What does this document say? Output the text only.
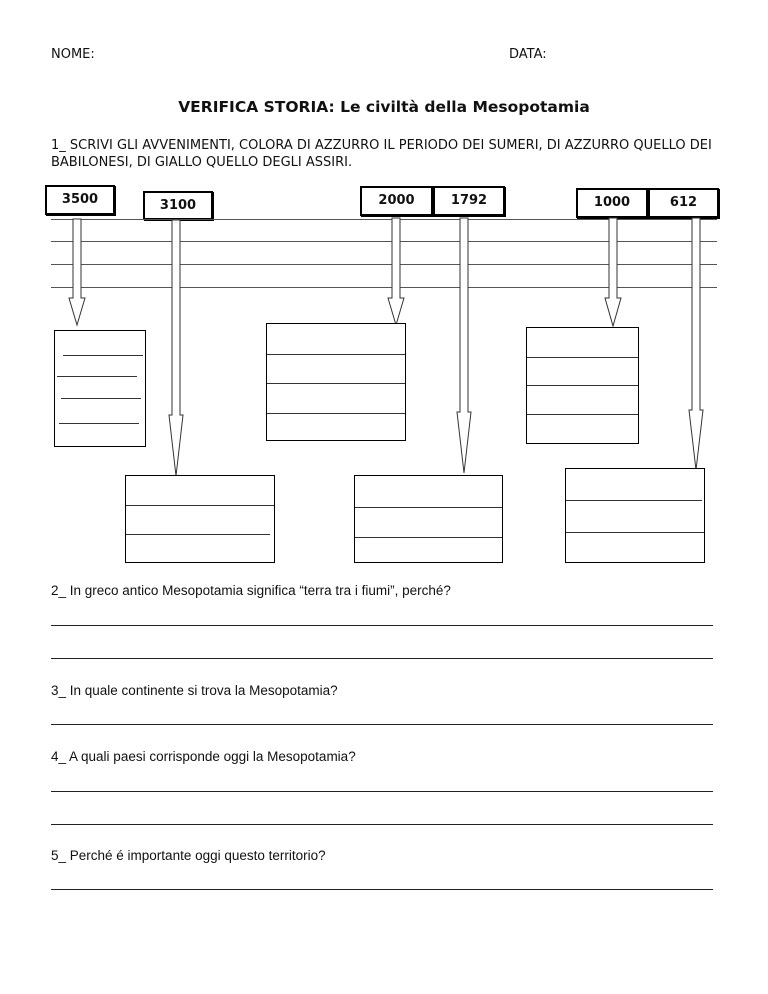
NOME:	DATA:
VERIFICA STORIA: Le civiltà della Mesopotamia
1_ SCRIVI GLI AVVENIMENTI, COLORA DI AZZURRO IL PERIODO DEI SUMERI, DI AZZURRO QUELLO DEI BABILONESI, DI GIALLO QUELLO DEGLI ASSIRI.
3500	3100	2000	1792	1000	612
2_ In greco antico Mesopotamia significa “terra tra i fiumi”, perché?
3_ In quale continente si trova la Mesopotamia?
4_ A quali paesi corrisponde oggi la Mesopotamia?
5_ Perché é importante oggi questo territorio?
